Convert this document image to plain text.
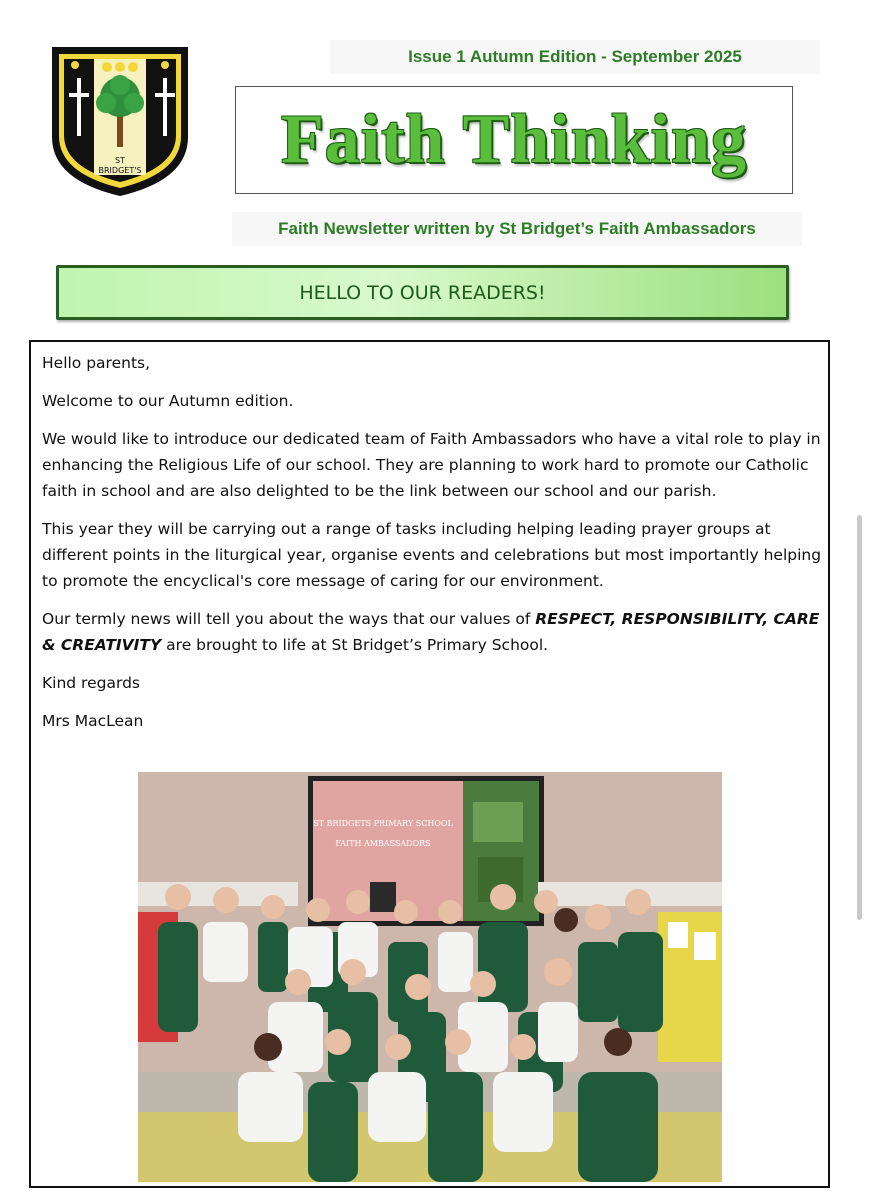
ST
BRIDGET'S
Issue 1 Autumn Edition - September 2025
Faith Thinking
Faith Newsletter written by St Bridget’s Faith Ambassadors
HELLO TO OUR READERS!

Hello parents,

Welcome to our Autumn edition.

We would like to introduce our dedicated team of Faith Ambassadors who have a vital role to play in enhancing the Religious Life of our school. They are planning to work hard to promote our Catholic faith in school and are also delighted to be the link between our school and our parish.

This year they will be carrying out a range of tasks including helping leading prayer groups at different points in the liturgical year, organise events and celebrations but most importantly helping to promote the encyclical's core message of caring for our environment.

Our termly news will tell you about the ways that our values of RESPECT, RESPONSIBILITY, CARE & CREATIVITY are brought to life at St Bridget’s Primary School.

Kind regards

Mrs MacLean

ST BRIDGETS PRIMARY SCHOOL
FAITH AMBASSADORS
